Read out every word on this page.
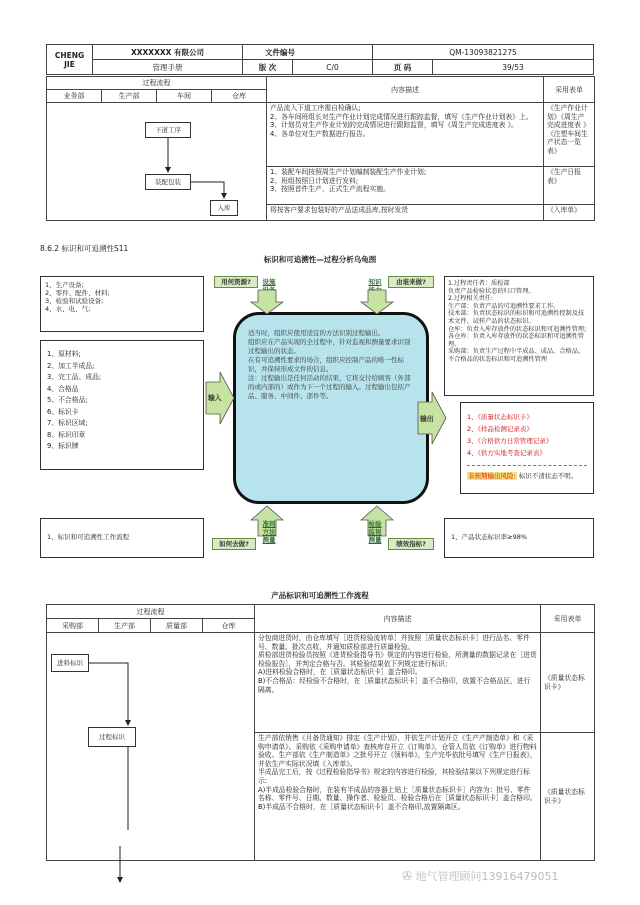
CHENG
JIE	XXXXXXX 有限公司	文件编号		QM-13093821275	
	管理手册	版 次	C/0	页 码	39/53
过程流程				内容描述	采用表单
业务部	生产部	车间	仓库		

				产品流入下道工序需自检确认;
2、各车间班组长对生产作业计划完成情况进行跟踪监督，填写《生产作业计划表》上。
3、计划员对生产作业计划的完成情况进行跟踪监督，填写《周生产完成进度表 》。
4、各单位对生产数据进行报告。	《生产作业计划》《周生产完成进度表 》《注塑车间生产状态一览表》

				1、装配车间按照周生产计划编制装配生产作业计划;
2、班组按照日计划进行发料;
3、按照首件生产、正式生产流程实施。	《生产日报表》
				将按客户要求包装好的产品送成品库,按时发货	《入库单》
下道工序
装配包装
入库
8.6.2 标识和可追溯性S11
标识和可追溯性—过程分析乌龟图
1、生产设备;
2、零件、配件、材料;
3、检验和试验设备;
4、水、电、气;
用何资源?	设施	知识	由谁来做?	1.过程责任者：质检部
负责产品检验状态的归口管理。
2.过程相关责任:
生产部：负责产品的可追溯性要求工作。
技术部：负责状态标识的标识和可追溯性控制及技术文件、试样产品的状态标识。
仓库：负责入库存放件的状态标识和可追溯性管理;
各仓库：负责入库存放件的状态标识和可追溯性管理。
采购部：负责生产过程中半成品、成品、合格品、不合格品的状态标识和可追溯性管理
1、原材料;
2、加工半成品;
3、完工品、成品;
4、合格品
5、不合格品;
6、标识卡
7、标识区域;
8、标识印章
9、标识牌
适当时，组织应使用适宜的方法识别过程输出。
组织应在产品实现的全过程中，针对监视和测量要求识别过程输出的状态。
在有可追溯性要求的场合，组织应控制产品的唯一性标识，并保持形成文件的信息。
注：过程输出是任何活动的结果，它将交付给顾客（外部的或内部的）或作为下一个过程的输入。过程输出包括产品、服务、中间件、部件等。
输入
输出	1、《质量状态标识卡》
2、《样品检测记录表》
3、《合格供方日常管理记录》
4、《供方实地考查记录表》
非预期输出风险: 标识不清状态不明。
准则
方法
测量
如何去做?
检验
监视
测量	绩效指标?
1、标识和可追溯性工作流程	1、产品状态标识率≥98%
产品标识和可追溯性工作流程
过程流程				内容描述	采用表单
采购部	生产部	质量部	仓库		

				分包商进货时，由仓库填写［进货检验流转单］并按照［质量状态标识卡］进行品名、零件号、数量、批次点收，并通知质检部进行质量检验。
质检部进货检验员按照《进货检验指导书》规定的内容进行检验，所测量的数据记录在［进货检验报告］，并判定合格与否。其检验结果依下列规定进行标识：
A)进料检验合格时，在［质量状态标识卡］盖合格印。
B)不合格品：经检验不合格时，在［质量状态标识卡］盖不合格印，放置不合格品区，进行隔离。	《质量状态标识卡》

				生产部依销售《月备货通知》排定《生产计划》，并依生产计划开立《生产产制造单》和《采购申请单》。采购依《采购申请单》查核库存开立《订购单》，仓管人员依《订购单》进行物料验收。生产部依《生产制造单》之批号开立《领料单》，生产完毕依批号填写《生产日报表》，并依生产实际状况填《入库单》。
半成品完工后，按《过程检验指导书》规定的内容进行检验，其检验结果以下列规定进行标示:
A)半成品检验合格时，在装有半成品的容器上贴上［质量状态标识卡］内容为：批号、零件名称、零件号、日期、数量、操作者、检验员、检验合格后在［质量状态标识卡］盖合格印。
B)半成品不合格时，在［质量状态标识卡］盖不合格印,放置隔离区。	《质量状态标识卡》
进料标识
过程标识
✇ 地气管理顾问13916479051
